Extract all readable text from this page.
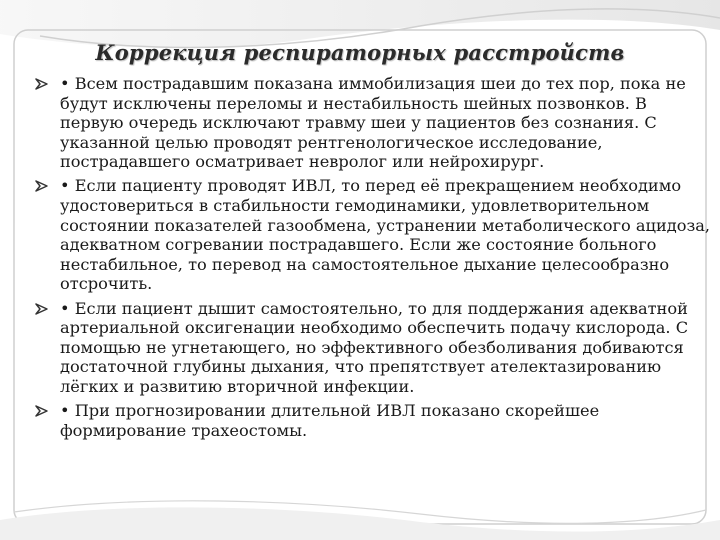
Коррекция респираторных расстройств
• Всем пострадавшим показана иммобилизация шеи до тех пор, пока не будут исключены переломы и нестабильность шейных позвонков. В первую очередь исключают травму шеи у пациентов без сознания. С указанной целью проводят рентгенологическое исследование, пострадавшего осматривает невролог или нейрохирург.
• Если пациенту проводят ИВЛ, то перед её прекращением необходимо удостовериться в стабильности гемодинамики, удовлетворительном состоянии показателей газообмена, устранении метаболического ацидоза, адекватном согревании пострадавшего. Если же состояние больного нестабильное, то перевод на самостоятельное дыхание целесообразно отсрочить.
• Если пациент дышит самостоятельно, то для поддержания адекватной артериальной оксигенации необходимо обеспечить подачу кислорода. С помощью не угнетающего, но эффективного обезболивания добиваются достаточной глубины дыхания, что препятствует ателектазированию лёгких и развитию вторичной инфекции.
• При прогнозировании длительной ИВЛ показано скорейшее формирование трахеостомы.
